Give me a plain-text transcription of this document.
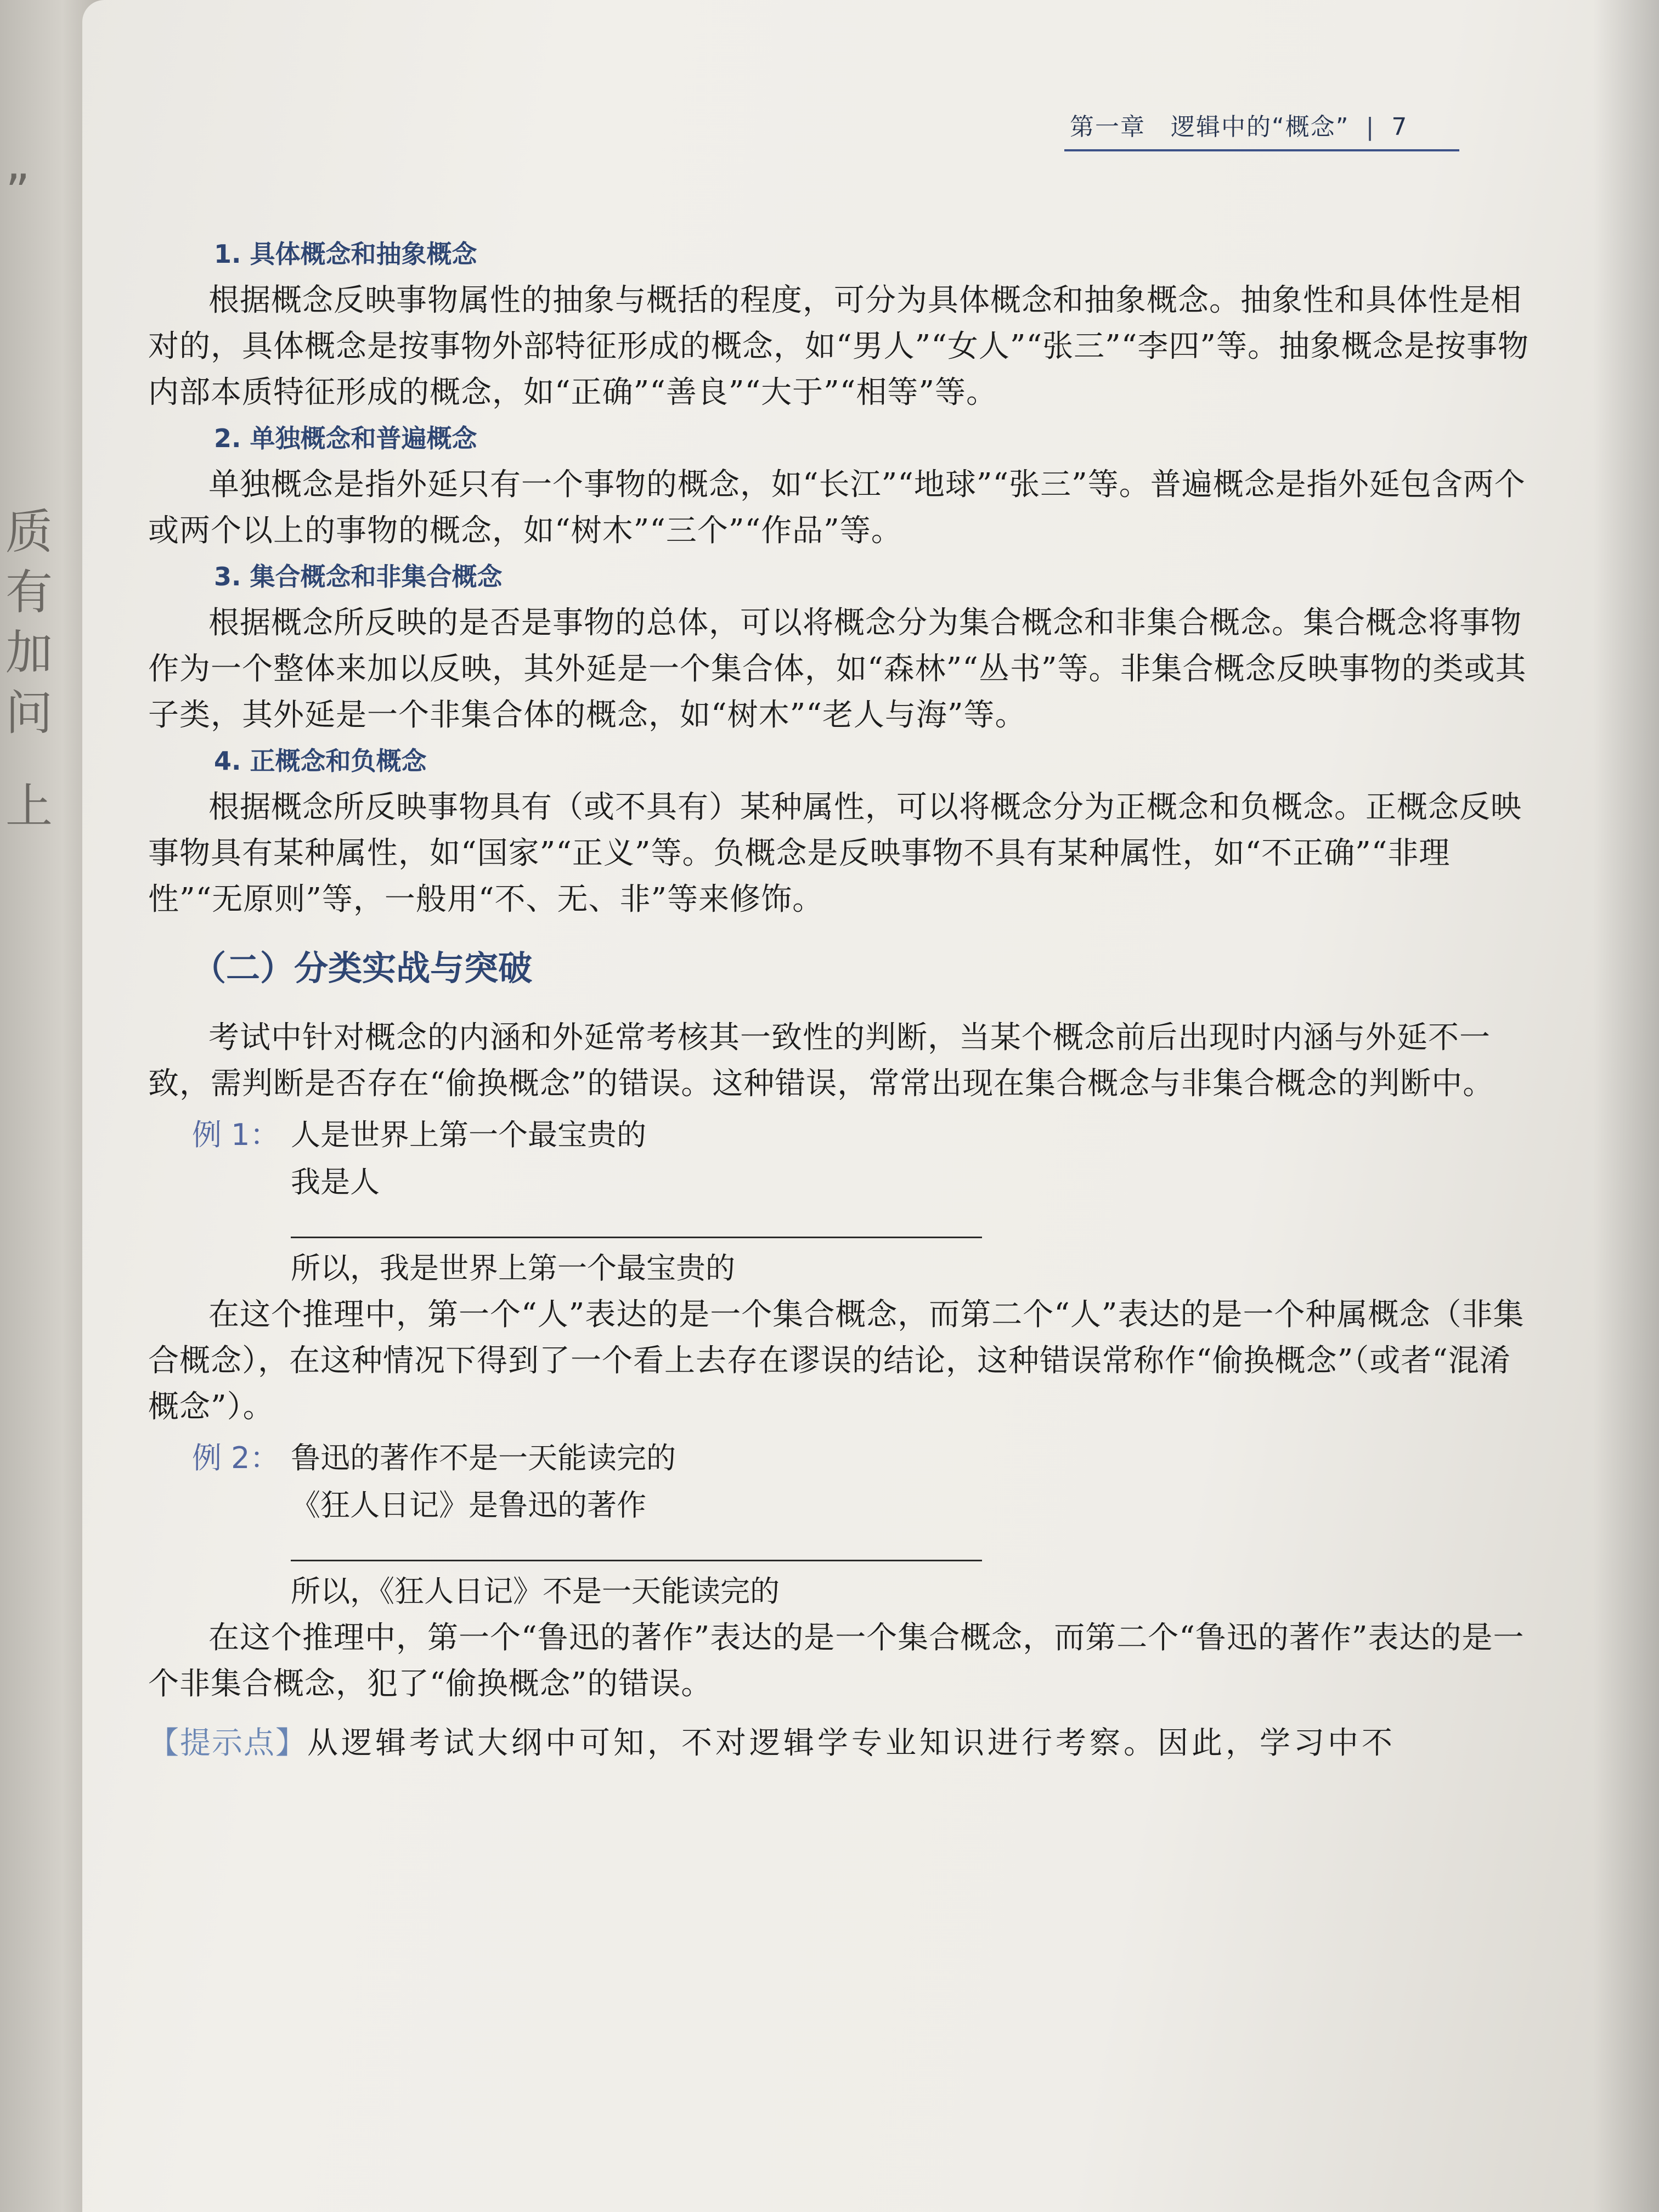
”
质
有
加
问
上
第一章 逻辑中的“概念” | 7
1. 具体概念和抽象概念
根据概念反映事物属性的抽象与概括的程度，可分为具体概念和抽象概念。抽象性和具体性是相对的，具体概念是按事物外部特征形成的概念，如“男人”“女人”“张三”“李四”等。抽象概念是按事物内部本质特征形成的概念，如“正确”“善良”“大于”“相等”等。
2. 单独概念和普遍概念
单独概念是指外延只有一个事物的概念，如“长江”“地球”“张三”等。普遍概念是指外延包含两个或两个以上的事物的概念，如“树木”“三个”“作品”等。
3. 集合概念和非集合概念
根据概念所反映的是否是事物的总体，可以将概念分为集合概念和非集合概念。集合概念将事物作为一个整体来加以反映，其外延是一个集合体，如“森林”“丛书”等。非集合概念反映事物的类或其子类，其外延是一个非集合体的概念，如“树木”“老人与海”等。
4. 正概念和负概念
根据概念所反映事物具有（或不具有）某种属性，可以将概念分为正概念和负概念。正概念反映事物具有某种属性，如“国家”“正义”等。负概念是反映事物不具有某种属性，如“不正确”“非理性”“无原则”等，一般用“不、无、非”等来修饰。
（二）分类实战与突破
考试中针对概念的内涵和外延常考核其一致性的判断，当某个概念前后出现时内涵与外延不一致，需判断是否存在“偷换概念”的错误。这种错误，常常出现在集合概念与非集合概念的判断中。
例 1： 人是世界上第一个最宝贵的
我是人
所以，我是世界上第一个最宝贵的
在这个推理中，第一个“人”表达的是一个集合概念，而第二个“人”表达的是一个种属概念（非集合概念），在这种情况下得到了一个看上去存在谬误的结论，这种错误常称作“偷换概念”（或者“混淆概念”）。
例 2： 鲁迅的著作不是一天能读完的
《狂人日记》是鲁迅的著作
所以，《狂人日记》不是一天能读完的
在这个推理中，第一个“鲁迅的著作”表达的是一个集合概念，而第二个“鲁迅的著作”表达的是一个非集合概念，犯了“偷换概念”的错误。
【提示点】从逻辑考试大纲中可知，不对逻辑学专业知识进行考察。因此，学习中不
